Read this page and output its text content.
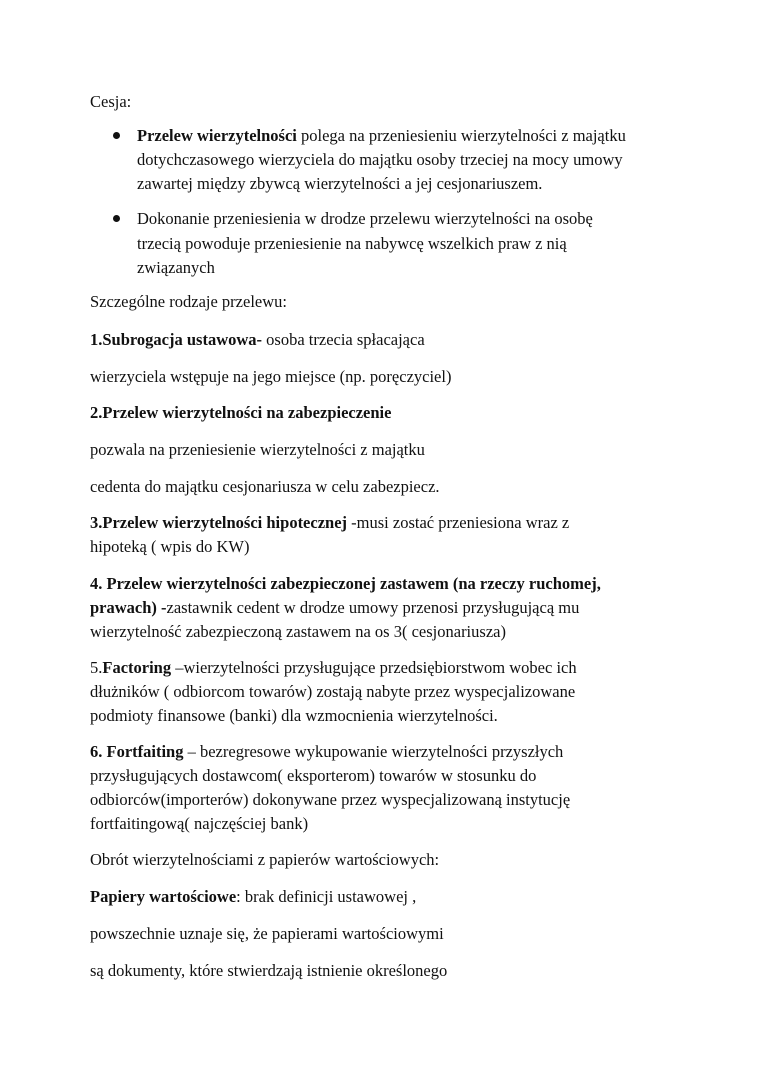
Cesja:
Przelew wierzytelności polega na przeniesieniu wierzytelności z majątku
dotychczasowego wierzyciela do majątku osoby trzeciej na mocy umowy
zawartej między zbywcą wierzytelności a jej cesjonariuszem.
Dokonanie przeniesienia w drodze przelewu wierzytelności na osobę
trzecią powoduje przeniesienie na nabywcę wszelkich praw z nią
związanych
Szczególne rodzaje przelewu:
1.Subrogacja ustawowa- osoba trzecia spłacająca
wierzyciela wstępuje na jego miejsce (np. poręczyciel)
2.Przelew wierzytelności na zabezpieczenie
pozwala na przeniesienie wierzytelności z majątku
cedenta do majątku cesjonariusza w celu zabezpiecz.
3.Przelew wierzytelności hipotecznej -musi zostać przeniesiona wraz z
hipoteką ( wpis do KW)
4. Przelew wierzytelności zabezpieczonej zastawem (na rzeczy ruchomej,
prawach) -zastawnik cedent w drodze umowy przenosi przysługującą mu
wierzytelność zabezpieczoną zastawem na os 3( cesjonariusza)
5.Factoring –wierzytelności przysługujące przedsiębiorstwom wobec ich
dłużników ( odbiorcom towarów) zostają nabyte przez wyspecjalizowane
podmioty finansowe (banki) dla wzmocnienia wierzytelności.
6. Fortfaiting – bezregresowe wykupowanie wierzytelności przyszłych
przysługujących dostawcom( eksporterom) towarów w stosunku do
odbiorców(importerów) dokonywane przez wyspecjalizowaną instytucję
fortfaitingową( najczęściej bank)
Obrót wierzytelnościami z papierów wartościowych:
Papiery wartościowe: brak definicji ustawowej ,
powszechnie uznaje się, że papierami wartościowymi
są dokumenty, które stwierdzają istnienie określonego
